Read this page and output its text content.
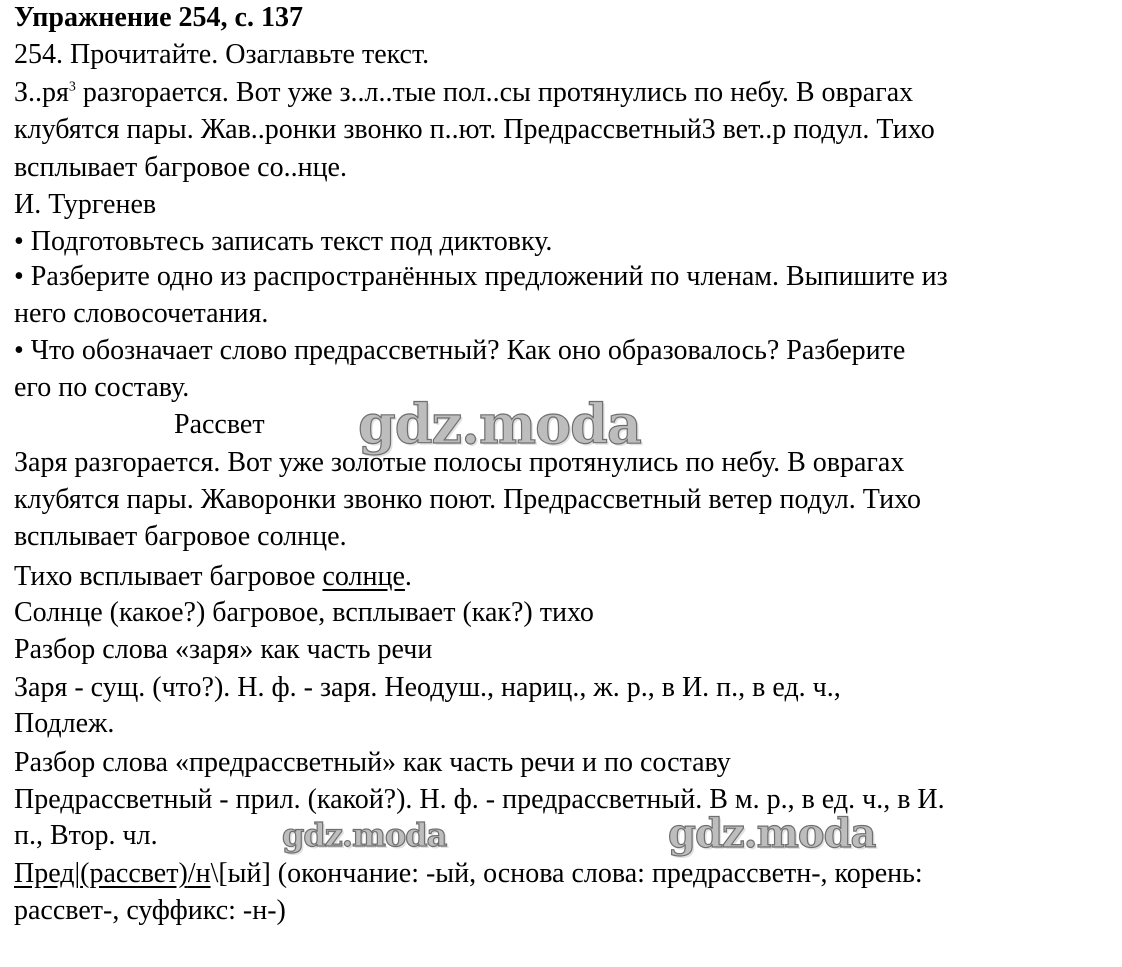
Упражнение 254, с. 137
254. Прочитайте. Озаглавьте текст.
$З..ря^3$ разгорается. Вот уже з..л..тые пол..сы протянулись по небу. В оврагах
клубятся пары. Жав..ронки звонко п..ют. Предрассветный3 вет..р подул. Тихо
всплывает багровое со..нце.
И. Тургенев
• Подготовьтесь записать текст под диктовку.
• Разберите одно из распространённых предложений по членам. Выпишите из
него словосочетания.
• Что обозначает слово предрассветный? Как оно образовалось? Разберите
его по составу.
Рассвет
Заря разгорается. Вот уже золотые полосы протянулись по небу. В оврагах
клубятся пары. Жаворонки звонко поют. Предрассветный ветер подул. Тихо
всплывает багровое солнце.
Тихо всплывает багровое солнце.
Солнце (какое?) багровое, всплывает (как?) тихо
Разбор слова «заря» как часть речи
Заря - сущ. (что?). Н. ф. - заря. Неодуш., нариц., ж. р., в И. п., в ед. ч.,
Подлеж.
Разбор слова «предрассветный» как часть речи и по составу
Предрассветный - прил. (какой?). Н. ф. - предрассветный. В м. р., в ед. ч., в И.
п., Втор. чл.
Пред|(рассвет)/н\[ый] (окончание: -ый, основа слова: предрассветн-, корень:
рассвет-, суффикс: -н-)
gdz.moda
gdz.moda	gdz.moda
